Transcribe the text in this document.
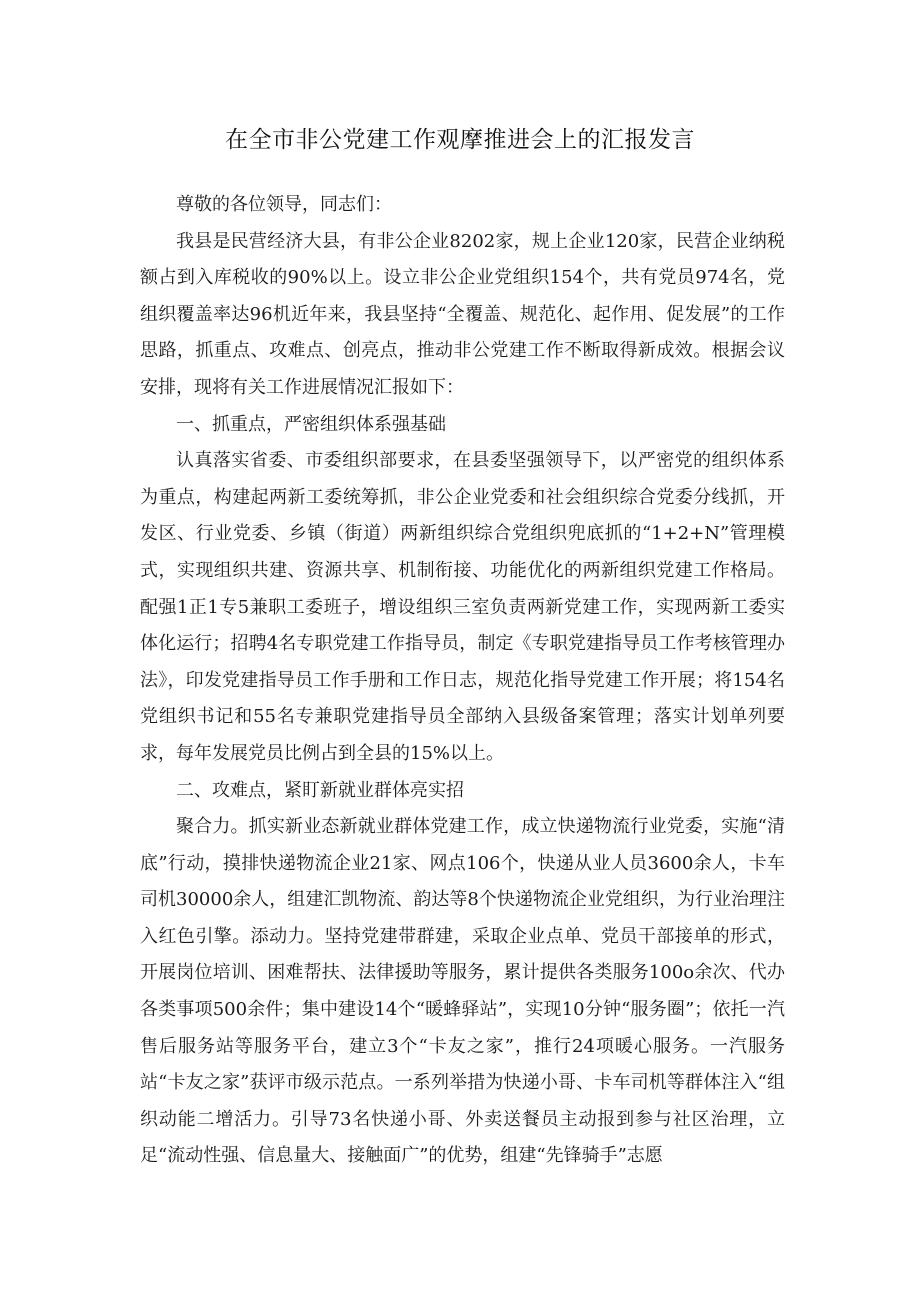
在全市非公党建工作观摩推进会上的汇报发言

尊敬的各位领导，同志们：

我县是民营经济大县，有非公企业8202家，规上企业120家，民营企业纳税额占到入库税收的90%以上。设立非公企业党组织154个，共有党员974名，党组织覆盖率达96机近年来，我县坚持“全覆盖、规范化、起作用、促发展”的工作思路，抓重点、攻难点、创亮点，推动非公党建工作不断取得新成效。根据会议安排，现将有关工作进展情况汇报如下：

一、抓重点，严密组织体系强基础

认真落实省委、市委组织部要求，在县委坚强领导下，以严密党的组织体系为重点，构建起两新工委统筹抓，非公企业党委和社会组织综合党委分线抓，开发区、行业党委、乡镇（街道）两新组织综合党组织兜底抓的“1+2+N”管理模式，实现组织共建、资源共享、机制衔接、功能优化的两新组织党建工作格局。配强1正1专5兼职工委班子，增设组织三室负责两新党建工作，实现两新工委实体化运行；招聘4名专职党建工作指导员，制定《专职党建指导员工作考核管理办法》，印发党建指导员工作手册和工作日志，规范化指导党建工作开展；将154名党组织书记和55名专兼职党建指导员全部纳入县级备案管理；落实计划单列要求，每年发展党员比例占到全县的15%以上。

二、攻难点，紧盯新就业群体亮实招

聚合力。抓实新业态新就业群体党建工作，成立快递物流行业党委，实施“清底”行动，摸排快递物流企业21家、网点106个，快递从业人员3600余人，卡车司机30000余人，组建汇凯物流、韵达等8个快递物流企业党组织，为行业治理注入红色引擎。添动力。坚持党建带群建，采取企业点单、党员干部接单的形式，开展岗位培训、困难帮扶、法律援助等服务，累计提供各类服务100o余次、代办各类事项500余件；集中建设14个“暖蜂驿站”，实现10分钟“服务圈”；依托一汽售后服务站等服务平台，建立3个“卡友之家”，推行24项暖心服务。一汽服务站“卡友之家”获评市级示范点。一系列举措为快递小哥、卡车司机等群体注入“组织动能二增活力。引导73名快递小哥、外卖送餐员主动报到参与社区治理，立足“流动性强、信息量大、接触面广”的优势，组建“先锋骑手”志愿
